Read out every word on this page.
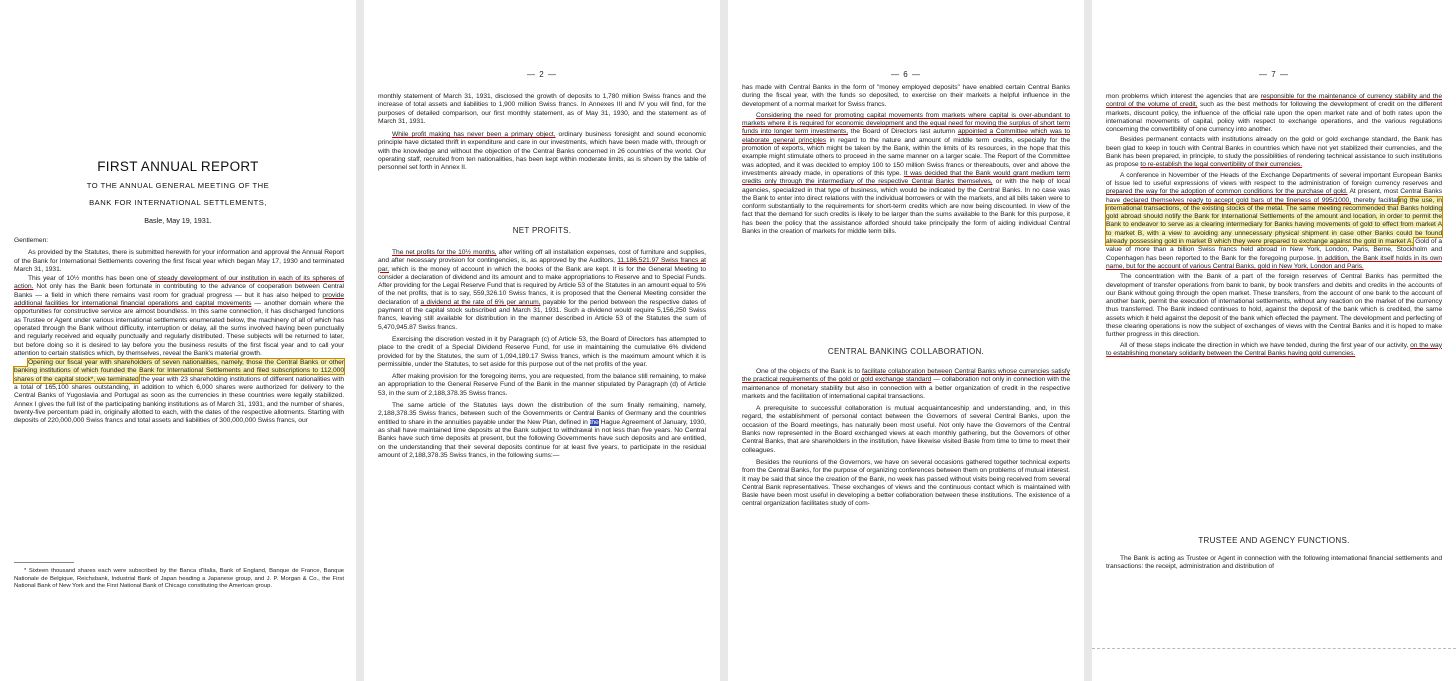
FIRST ANNUAL REPORT
TO THE ANNUAL GENERAL MEETING OF THE
BANK FOR INTERNATIONAL SETTLEMENTS,
Basle, May 19, 1931.
Gentlemen:

As provided by the Statutes, there is submitted herewith for your information and approval the Annual Report of the Bank for International Settlements covering the first fiscal year which began May 17, 1930 and terminated March 31, 1931.

This year of 10½ months has been one of steady development of our institution in each of its spheres of action. Not only has the Bank been fortunate in contributing to the advance of cooperation between Central Banks — a field in which there remains vast room for gradual progress — but it has also helped to provide additional facilities for international financial operations and capital movements — another domain where the opportunities for constructive service are almost boundless. In this same connection, it has discharged functions as Trustee or Agent under various international settlements enumerated below, the machinery of all of which has operated through the Bank without difficulty, interruption or delay, all the sums involved having been punctually and regularly received and equally punctually and regularly distributed. These subjects will be returned to later, but before doing so it is desired to lay before you the business results of the first fiscal year and to call your attention to certain statistics which, by themselves, reveal the Bank's material growth.

Opening our fiscal year with shareholders of seven nationalities, namely, those the Central Banks or other banking institutions of which founded the Bank for International Settlements and filed subscriptions to 112,000 shares of the capital stock*, we terminated the year with 23 shareholding institutions of different nationalities with a total of 165,100 shares outstanding, in addition to which 6,000 shares were authorized for delivery to the Central Banks of Yugoslavia and Portugal as soon as the currencies in these countries were legally stabilized. Annex I gives the full list of the participating banking institutions as of March 31, 1931, and the number of shares, twenty-five percentum paid in, originally allotted to each, with the dates of the respective allotments. Starting with deposits of 220,000,000 Swiss francs and total assets and liabilities of 300,000,000 Swiss francs, our

* Sixteen thousand shares each were subscribed by the Banca d'Italia, Bank of England, Banque de France, Banque Nationale de Belgique, Reichsbank, Industrial Bank of Japan heading a Japanese group, and J. P. Morgan & Co., the First National Bank of New York and the First National Bank of Chicago constituting the American group.

— 2 —

monthly statement of March 31, 1931, disclosed the growth of deposits to 1,780 million Swiss francs and the increase of total assets and liabilities to 1,900 million Swiss francs. In Annexes III and IV you will find, for the purposes of detailed comparison, our first monthly statement, as of May 31, 1930, and the statement as of March 31, 1931.

While profit making has never been a primary object, ordinary business foresight and sound economic principle have dictated thrift in expenditure and care in our investments, which have been made with, through or with the knowledge and without the objection of the Central Banks concerned in 26 countries of the world. Our operating staff, recruited from ten nationalities, has been kept within moderate limits, as is shown by the table of personnel set forth in Annex II.

NET PROFITS.

The net profits for the 10½ months, after writing off all installation expenses, cost of furniture and supplies, and after necessary provision for contingencies, is, as approved by the Auditors, 11,186,521.97 Swiss francs at par, which is the money of account in which the books of the Bank are kept. It is for the General Meeting to consider a declaration of dividend and its amount and to make appropriations to Reserve and to Special Funds. After providing for the Legal Reserve Fund that is required by Article 53 of the Statutes in an amount equal to 5% of the net profits, that is to say, 559,326.10 Swiss francs, it is proposed that the General Meeting consider the declaration of a dividend at the rate of 6% per annum, payable for the period between the respective dates of payment of the capital stock subscribed and March 31, 1931. Such a dividend would require 5,156,250 Swiss francs, leaving still available for distribution in the manner described in Article 53 of the Statutes the sum of 5,470,945.87 Swiss francs.

Exercising the discretion vested in it by Paragraph (c) of Article 53, the Board of Directors has attempted to place to the credit of a Special Dividend Reserve Fund, for use in maintaining the cumulative 6% dividend provided for by the Statutes, the sum of 1,094,189.17 Swiss francs, which is the maximum amount which it is permissible, under the Statutes, to set aside for this purpose out of the net profits of the year.

After making provision for the foregoing items, you are requested, from the balance still remaining, to make an appropriation to the General Reserve Fund of the Bank in the manner stipulated by Paragraph (d) of Article 53, in the sum of 2,188,378.35 Swiss francs.

The same article of the Statutes lays down the distribution of the sum finally remaining, namely, 2,188,378.35 Swiss francs, between such of the Governments or Central Banks of Germany and the countries entitled to share in the annuities payable under the New Plan, defined in the Hague Agreement of January, 1930, as shall have maintained time deposits at the Bank subject to withdrawal in not less than five years. No Central Banks have such time deposits at present, but the following Governments have such deposits and are entitled, on the understanding that their several deposits continue for at least five years, to participate in the residual amount of 2,188,378.35 Swiss francs, in the following sums:—

— 6 —

has made with Central Banks in the form of "money employed deposits" have enabled certain Central Banks during the fiscal year, with the funds so deposited, to exercise on their markets a helpful influence in the development of a normal market for Swiss francs.

Considering the need for promoting capital movements from markets where capital is over-abundant to markets where it is required for economic development and the equal need for moving the surplus of short term funds into longer term investments, the Board of Directors last autumn appointed a Committee which was to elaborate general principles in regard to the nature and amount of middle term credits, especially for the promotion of exports, which might be taken by the Bank, within the limits of its resources, in the hope that this example might stimulate others to proceed in the same manner on a larger scale. The Report of the Committee was adopted, and it was decided to employ 100 to 150 million Swiss francs or thereabouts, over and above the investments already made, in operations of this type. It was decided that the Bank would grant medium term credits only through the intermediary of the respective Central Banks themselves, or with the help of local agencies, specialized in that type of business, which would be indicated by the Central Banks. In no case was the Bank to enter into direct relations with the individual borrowers or with the markets, and all bills taken were to conform substantially to the requirements for short-term credits which are now being discounted. In view of the fact that the demand for such credits is likely to be larger than the sums available to the Bank for this purpose, it has been the policy that the assistance afforded should take principally the form of aiding individual Central Banks in the creation of markets for middle term bills.

CENTRAL BANKING COLLABORATION.

One of the objects of the Bank is to facilitate collaboration between Central Banks whose currencies satisfy the practical requirements of the gold or gold exchange standard — collaboration not only in connection with the maintenance of monetary stability but also in connection with a better organization of credit in the respective markets and the facilitation of international capital transactions.

A prerequisite to successful collaboration is mutual acquaintanceship and understanding, and, in this regard, the establishment of personal contact between the Governors of several Central Banks, upon the occasion of the Board meetings, has naturally been most useful. Not only have the Governors of the Central Banks now represented in the Board exchanged views at each monthly gathering, but the Governors of other Central Banks, that are shareholders in the institution, have likewise visited Basle from time to time to meet their colleagues.

Besides the reunions of the Governors, we have on several occasions gathered together technical experts from the Central Banks, for the purpose of organizing conferences between them on problems of mutual interest. It may be said that since the creation of the Bank, no week has passed without visits being received from several Central Bank representatives. These exchanges of views and the continuous contact which is maintained with Basle have been most useful in developing a better collaboration between these institutions. The existence of a central organization facilitates study of com-

— 7 —

mon problems which interest the agencies that are responsible for the maintenance of currency stability and the control of the volume of credit, such as the best methods for following the development of credit on the different markets, discount policy, the influence of the official rate upon the open market rate and of both rates upon the international movements of capital, policy with respect to exchange operations, and the various regulations concerning the convertibility of one currency into another.

Besides permanent contacts with institutions already on the gold or gold exchange standard, the Bank has been glad to keep in touch with Central Banks in countries which have not yet stabilized their currencies, and the Bank has been prepared, in principle, to study the possibilities of rendering technical assistance to such institutions as propose to re-establish the legal convertibility of their currencies.

A conference in November of the Heads of the Exchange Departments of several important European Banks of Issue led to useful expressions of views with respect to the administration of foreign currency reserves and prepared the way for the adoption of common conditions for the purchase of gold. At present, most Central Banks have declared themselves ready to accept gold bars of the fineness of 995/1000, thereby facilitating the use, in international transactions, of the existing stocks of the metal. The same meeting recommended that Banks holding gold abroad should notify the Bank for International Settlements of the amount and location, in order to permit the Bank to endeavor to serve as a clearing intermediary for Banks having movements of gold to effect from market A to market B, with a view to avoiding any unnecessary physical shipment in case other Banks could be found already possessing gold in market B which they were prepared to exchange against the gold in market A. Gold of a value of more than a billion Swiss francs held abroad in New York, London, Paris, Berne, Stockholm and Copenhagen has been reported to the Bank for the foregoing purpose. In addition, the Bank itself holds in its own name, but for the account of various Central Banks, gold in New York, London and Paris.

The concentration with the Bank of a part of the foreign reserves of Central Banks has permitted the development of transfer operations from bank to bank, by book transfers and debits and credits in the accounts of our Bank without going through the open market. These transfers, from the account of one bank to the account of another bank, permit the execution of international settlements, without any reaction on the market of the currency thus transferred. The Bank indeed continues to hold, against the deposit of the bank which is credited, the same assets which it held against the deposit of the bank which effected the payment. The development and perfecting of these clearing operations is now the subject of exchanges of views with the Central Banks and it is hoped to make further progress in this direction.

All of these steps indicate the direction in which we have tended, during the first year of our activity, on the way to establishing monetary solidarity between the Central Banks having gold currencies.

TRUSTEE AND AGENCY FUNCTIONS.

The Bank is acting as Trustee or Agent in connection with the following international financial settlements and transactions: the receipt, administration and distribution of
